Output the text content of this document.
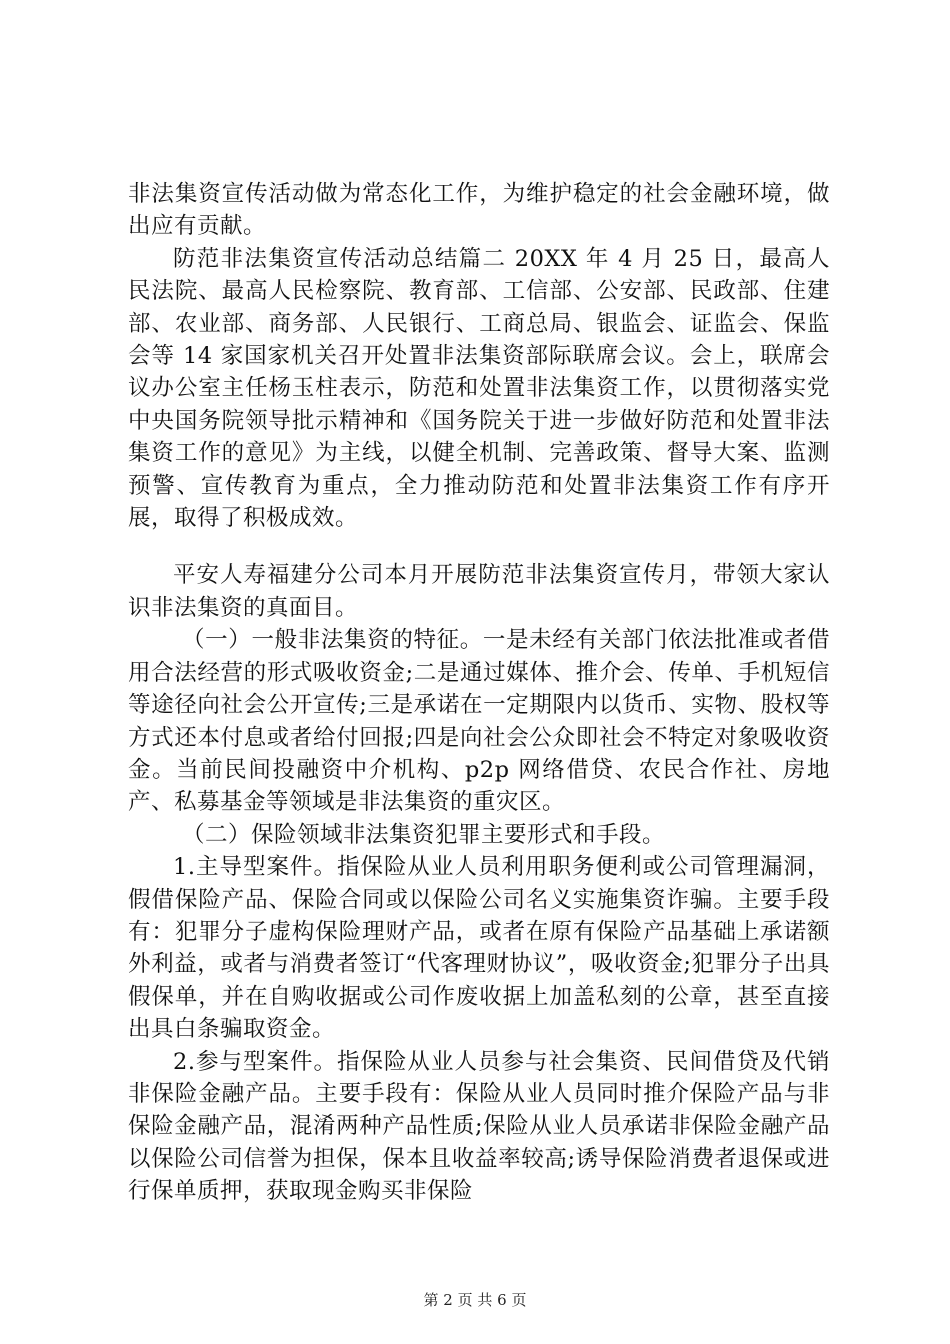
非法集资宣传活动做为常态化工作，为维护稳定的社会金融环境，做出应有贡献。

防范非法集资宣传活动总结篇二 20XX 年 4 月 25 日，最高人民法院、最高人民检察院、教育部、工信部、公安部、民政部、住建部、农业部、商务部、人民银行、工商总局、银监会、证监会、保监会等 14 家国家机关召开处置非法集资部际联席会议。会上，联席会议办公室主任杨玉柱表示，防范和处置非法集资工作，以贯彻落实党中央国务院领导批示精神和《国务院关于进一步做好防范和处置非法集资工作的意见》为主线，以健全机制、完善政策、督导大案、监测预警、宣传教育为重点，全力推动防范和处置非法集资工作有序开展，取得了积极成效。

平安人寿福建分公司本月开展防范非法集资宣传月，带领大家认识非法集资的真面目。

（一）一般非法集资的特征。一是未经有关部门依法批准或者借用合法经营的形式吸收资金;二是通过媒体、推介会、传单、手机短信等途径向社会公开宣传;三是承诺在一定期限内以货币、实物、股权等方式还本付息或者给付回报;四是向社会公众即社会不特定对象吸收资金。当前民间投融资中介机构、p2p 网络借贷、农民合作社、房地产、私募基金等领域是非法集资的重灾区。

（二）保险领域非法集资犯罪主要形式和手段。

1.主导型案件。指保险从业人员利用职务便利或公司管理漏洞，假借保险产品、保险合同或以保险公司名义实施集资诈骗。主要手段有：犯罪分子虚构保险理财产品，或者在原有保险产品基础上承诺额外利益，或者与消费者签订“代客理财协议”，吸收资金;犯罪分子出具假保单，并在自购收据或公司作废收据上加盖私刻的公章，甚至直接出具白条骗取资金。

2.参与型案件。指保险从业人员参与社会集资、民间借贷及代销非保险金融产品。主要手段有：保险从业人员同时推介保险产品与非保险金融产品，混淆两种产品性质;保险从业人员承诺非保险金融产品以保险公司信誉为担保，保本且收益率较高;诱导保险消费者退保或进行保单质押，获取现金购买非保险

第 2 页 共 6 页
